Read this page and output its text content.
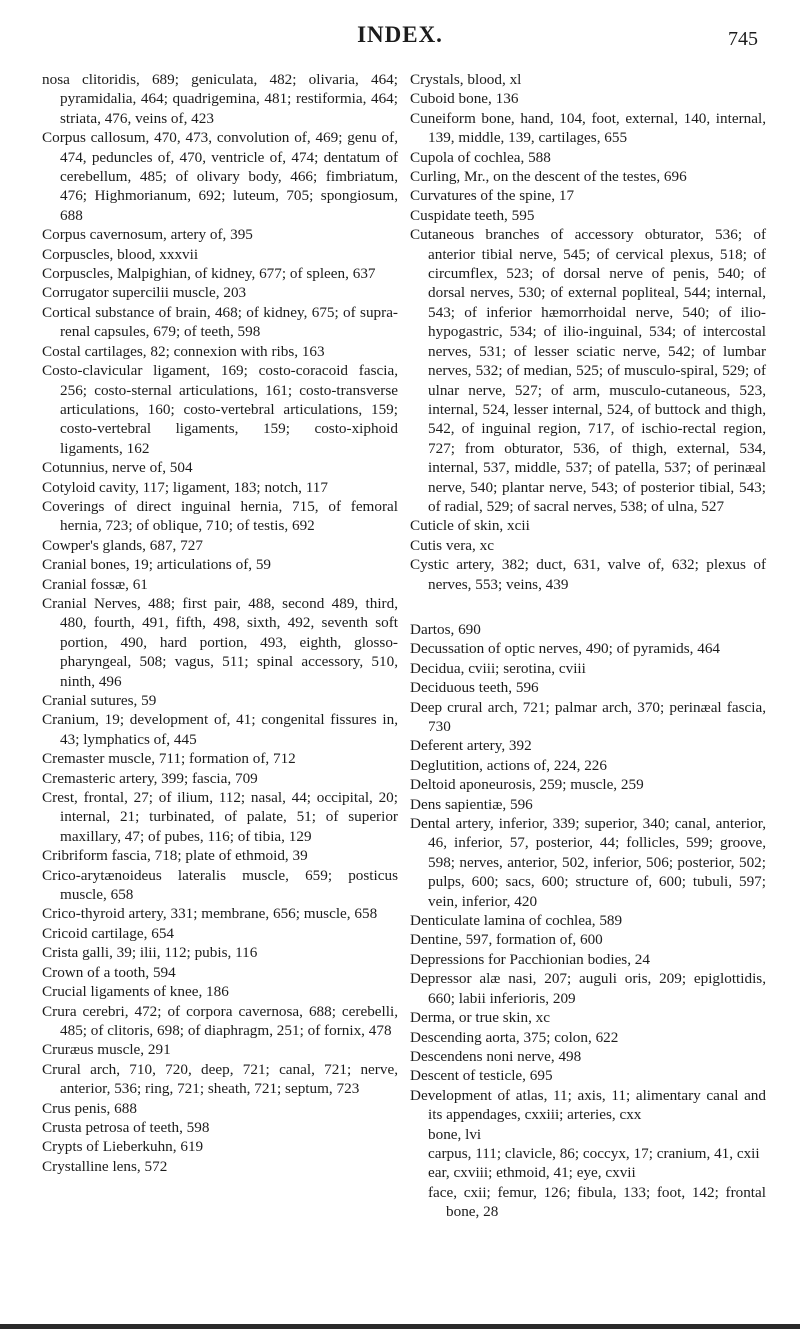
INDEX.	745

nosa clitoridis, 689; geniculata, 482; olivaria, 464; pyramidalia, 464; quadrigemina, 481; restiformia, 464; striata, 476, veins of, 423

Corpus callosum, 470, 473, convolution of, 469; genu of, 474, peduncles of, 470, ventricle of, 474; dentatum of cerebellum, 485; of olivary body, 466; fimbriatum, 476; Highmorianum, 692; luteum, 705; spongiosum, 688

Corpus cavernosum, artery of, 395

Corpuscles, blood, xxxvii

Corpuscles, Malpighian, of kidney, 677; of spleen, 637

Corrugator supercilii muscle, 203

Cortical substance of brain, 468; of kidney, 675; of supra-renal capsules, 679; of teeth, 598

Costal cartilages, 82; connexion with ribs, 163

Costo-clavicular ligament, 169; costo-coracoid fascia, 256; costo-sternal articulations, 161; costo-transverse articulations, 160; costo-vertebral articulations, 159; costo-vertebral ligaments, 159; costo-xiphoid ligaments, 162

Cotunnius, nerve of, 504

Cotyloid cavity, 117; ligament, 183; notch, 117

Coverings of direct inguinal hernia, 715, of femoral hernia, 723; of oblique, 710; of testis, 692

Cowper's glands, 687, 727

Cranial bones, 19; articulations of, 59

Cranial fossæ, 61

Cranial Nerves, 488; first pair, 488, second 489, third, 480, fourth, 491, fifth, 498, sixth, 492, seventh soft portion, 490, hard portion, 493, eighth, glosso-pharyngeal, 508; vagus, 511; spinal accessory, 510, ninth, 496

Cranial sutures, 59

Cranium, 19; development of, 41; congenital fissures in, 43; lymphatics of, 445

Cremaster muscle, 711; formation of, 712

Cremasteric artery, 399; fascia, 709

Crest, frontal, 27; of ilium, 112; nasal, 44; occipital, 20; internal, 21; turbinated, of palate, 51; of superior maxillary, 47; of pubes, 116; of tibia, 129

Cribriform fascia, 718; plate of ethmoid, 39

Crico-arytænoideus lateralis muscle, 659; posticus muscle, 658

Crico-thyroid artery, 331; membrane, 656; muscle, 658

Cricoid cartilage, 654

Crista galli, 39; ilii, 112; pubis, 116

Crown of a tooth, 594

Crucial ligaments of knee, 186

Crura cerebri, 472; of corpora cavernosa, 688; cerebelli, 485; of clitoris, 698; of diaphragm, 251; of fornix, 478

Cruræus muscle, 291

Crural arch, 710, 720, deep, 721; canal, 721; nerve, anterior, 536; ring, 721; sheath, 721; septum, 723

Crus penis, 688

Crusta petrosa of teeth, 598

Crypts of Lieberkuhn, 619

Crystalline lens, 572

Crystals, blood, xl

Cuboid bone, 136

Cuneiform bone, hand, 104, foot, external, 140, internal, 139, middle, 139, cartilages, 655

Cupola of cochlea, 588

Curling, Mr., on the descent of the testes, 696

Curvatures of the spine, 17

Cuspidate teeth, 595

Cutaneous branches of accessory obturator, 536; of anterior tibial nerve, 545; of cervical plexus, 518; of circumflex, 523; of dorsal nerve of penis, 540; of dorsal nerves, 530; of external popliteal, 544; internal, 543; of inferior hæmorrhoidal nerve, 540; of ilio-hypogastric, 534; of ilio-inguinal, 534; of intercostal nerves, 531; of lesser sciatic nerve, 542; of lumbar nerves, 532; of median, 525; of musculo-spiral, 529; of ulnar nerve, 527; of arm, musculo-cutaneous, 523, internal, 524, lesser internal, 524, of buttock and thigh, 542, of inguinal region, 717, of ischio-rectal region, 727; from obturator, 536, of thigh, external, 534, internal, 537, middle, 537; of patella, 537; of perinæal nerve, 540; plantar nerve, 543; of posterior tibial, 543; of radial, 529; of sacral nerves, 538; of ulna, 527

Cuticle of skin, xcii

Cutis vera, xc

Cystic artery, 382; duct, 631, valve of, 632; plexus of nerves, 553; veins, 439

Dartos, 690

Decussation of optic nerves, 490; of pyramids, 464

Decidua, cviii; serotina, cviii

Deciduous teeth, 596

Deep crural arch, 721; palmar arch, 370; perinæal fascia, 730

Deferent artery, 392

Deglutition, actions of, 224, 226

Deltoid aponeurosis, 259; muscle, 259

Dens sapientiæ, 596

Dental artery, inferior, 339; superior, 340; canal, anterior, 46, inferior, 57, posterior, 44; follicles, 599; groove, 598; nerves, anterior, 502, inferior, 506; posterior, 502; pulps, 600; sacs, 600; structure of, 600; tubuli, 597; vein, inferior, 420

Denticulate lamina of cochlea, 589

Dentine, 597, formation of, 600

Depressions for Pacchionian bodies, 24

Depressor alæ nasi, 207; auguli oris, 209; epiglottidis, 660; labii inferioris, 209

Derma, or true skin, xc

Descending aorta, 375; colon, 622

Descendens noni nerve, 498

Descent of testicle, 695

Development of atlas, 11; axis, 11; alimentary canal and its appendages, cxxiii; arteries, cxx

bone, lvi

carpus, 111; clavicle, 86; coccyx, 17; cranium, 41, cxii

ear, cxviii; ethmoid, 41; eye, cxvii

face, cxii; femur, 126; fibula, 133; foot, 142; frontal bone, 28
